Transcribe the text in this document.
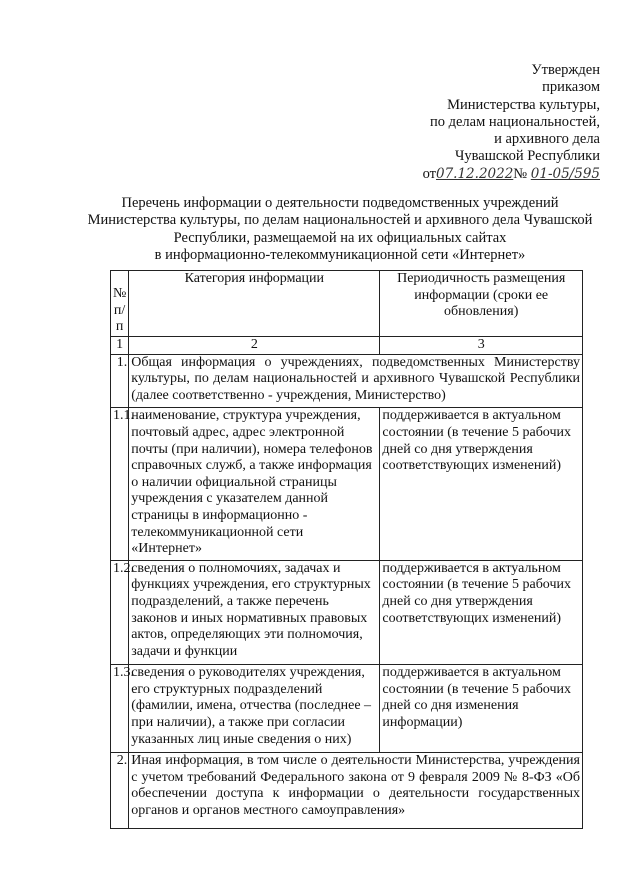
Утвержден
приказом
Министерства культуры,
по делам национальностей,
и архивного дела
Чувашской Республики
от07.12.2022№ 01-05/595
Перечень информации о деятельности подведомственных учреждений
Министерства культуры, по делам национальностей и архивного дела Чувашской
Республики, размещаемой на их официальных сайтах
в информационно-телекоммуникационной сети «Интернет»
№ п/п	Категория информации	Периодичность размещения информации (сроки ее обновления)
1	2	3
1.	Общая информация о учреждениях, подведомственных Министерству культуры, по делам национальностей и архивного Чувашской Республики (далее соответственно - учреждения, Министерство)	
1.1.	наименование, структура учреждения, почтовый адрес, адрес электронной почты (при наличии), номера телефонов справочных служб, а также информация о наличии официальной страницы учреждения с указателем данной страницы в информационно - телекоммуникационной сети «Интернет»	поддерживается в актуальном состоянии (в течение 5 рабочих дней со дня утверждения соответствующих изменений)
1.2.	сведения о полномочиях, задачах и функциях учреждения, его структурных подразделений, а также перечень законов и иных нормативных правовых актов, определяющих эти полномочия, задачи и функции	поддерживается в актуальном состоянии (в течение 5 рабочих дней со дня утверждения соответствующих изменений)
1.3.	сведения о руководителях учреждения, его структурных подразделений (фамилии, имена, отчества (последнее – при наличии), а также при согласии указанных лиц иные сведения о них)	поддерживается в актуальном состоянии (в течение 5 рабочих дней со дня изменения информации)
2.	Иная информация, в том числе о деятельности Министерства, учреждения с учетом требований Федерального закона от 9 февраля 2009 № 8-ФЗ «Об обеспечении доступа к информации о деятельности государственных органов и органов местного самоуправления»	
